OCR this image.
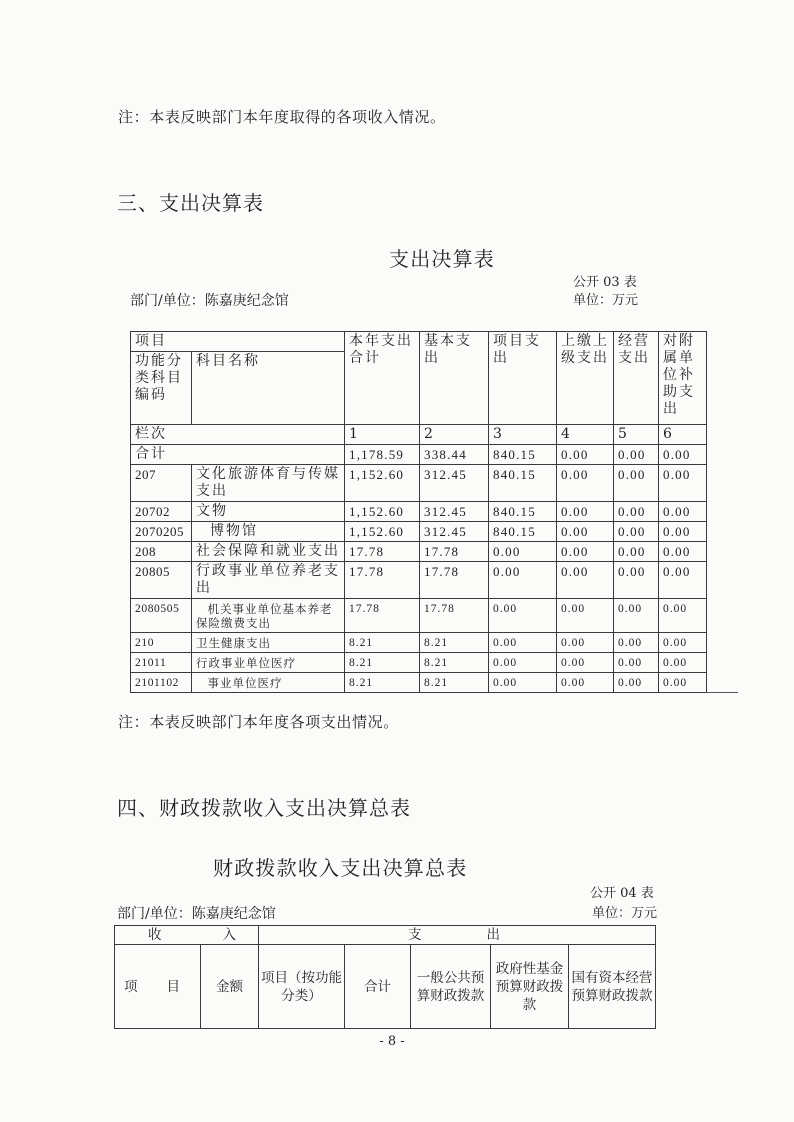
注：本表反映部门本年度取得的各项收入情况。
三、支出决算表
支出决算表
公开 03 表
部门/单位：陈嘉庚纪念馆	单位：万元
项目		本年支出合计	基本支出	项目支出	上缴上级支出	经营支出	对附属单位补助支出
功能分类科目编码	科目名称						
栏次		1	2	3	4	5	6
合计		1,178.59	338.44	840.15	0.00	0.00	0.00
207	文化旅游体育与传媒支出	1,152.60	312.45	840.15	0.00	0.00	0.00
20702	文物	1,152.60	312.45	840.15	0.00	0.00	0.00
2070205	博物馆	1,152.60	312.45	840.15	0.00	0.00	0.00
208	社会保障和就业支出	17.78	17.78	0.00	0.00	0.00	0.00
20805	行政事业单位养老支出	17.78	17.78	0.00	0.00	0.00	0.00
2080505	机关事业单位基本养老保险缴费支出	17.78	17.78	0.00	0.00	0.00	0.00
210	卫生健康支出	8.21	8.21	0.00	0.00	0.00	0.00
21011	行政事业单位医疗	8.21	8.21	0.00	0.00	0.00	0.00
2101102	事业单位医疗	8.21	8.21	0.00	0.00	0.00	0.00
注：本表反映部门本年度各项支出情况。
四、财政拨款收入支出决算总表
财政拨款收入支出决算总表
公开 04 表
部门/单位：陈嘉庚纪念馆	单位：万元
收 入		支 出				
项 目	金额	项目（按功能分类）	合计	一般公共预算财政拨款	政府性基金预算财政拨款	国有资本经营预算财政拨款
- 8 -
